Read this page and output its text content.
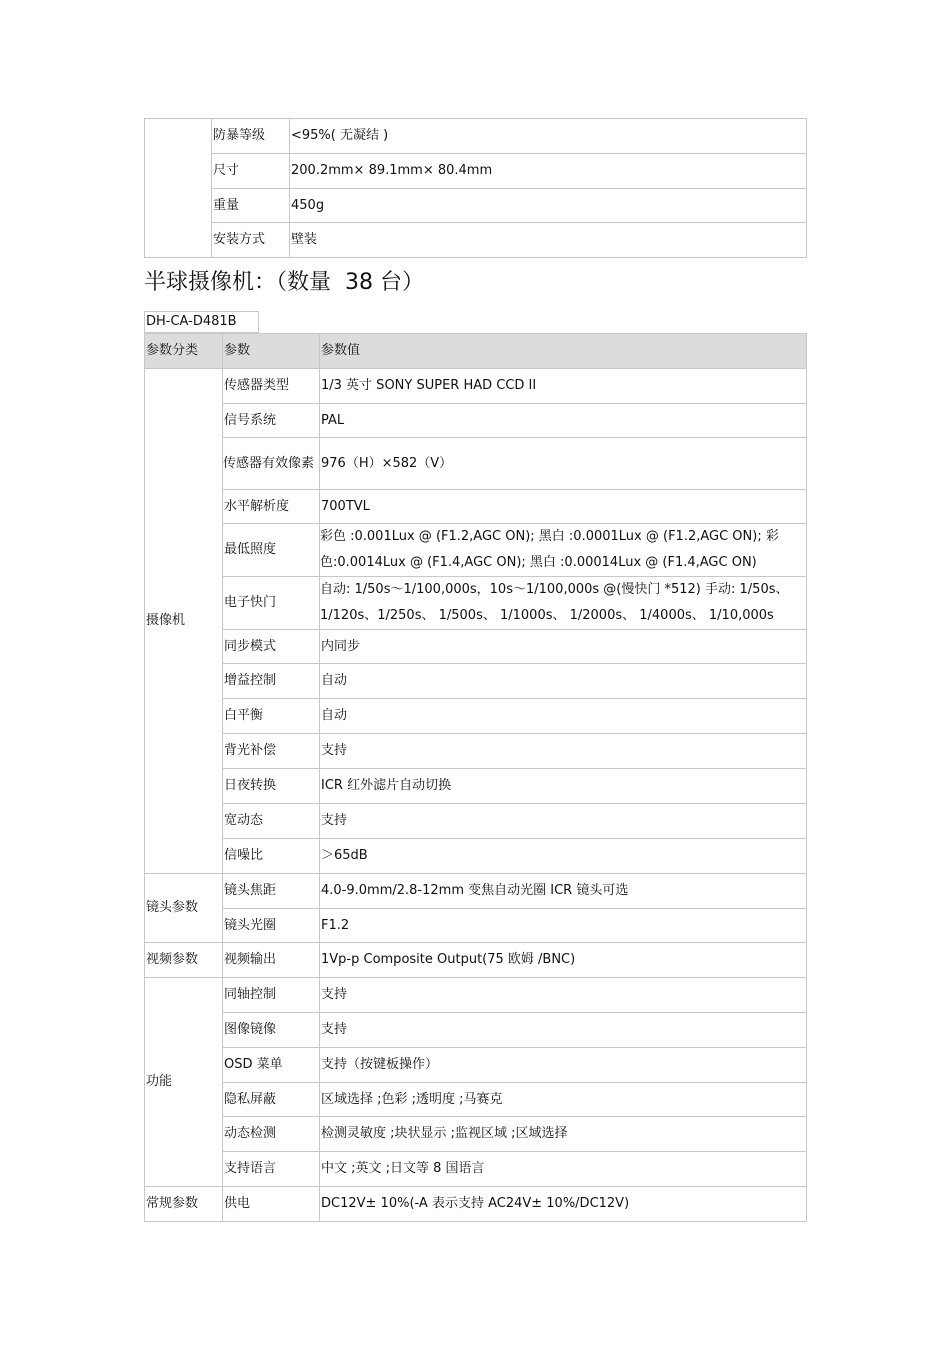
	防暴等级	<95%( 无凝结 )

	尺寸	200.2mm× 89.1mm× 80.4mm

	重量	450g

	安装方式	壁装
半球摄像机：（数量  38 台）
DH-CA-D481B
参数分类	参数	参数值

摄像机	传感器类型	1/3 英寸 SONY SUPER HAD CCD II

	信号系统	PAL

	传感器有效像素	976（H）×582（V）

	水平解析度	700TVL

	最低照度	彩色 :0.001Lux @ (F1.2,AGC ON); 黑白 :0.0001Lux @ (F1.2,AGC ON); 彩色:0.0014Lux @ (F1.4,AGC ON); 黑白 :0.00014Lux @ (F1.4,AGC ON)

	电子快门	自动: 1/50s～1/100,000s，10s～1/100,000s @(慢快门 *512) 手动: 1/50s、1/120s、1/250s、 1/500s、 1/1000s、 1/2000s、 1/4000s、 1/10,000s

	同步模式	内同步

	增益控制	自动

	白平衡	自动

	背光补偿	支持

	日夜转换	ICR 红外滤片自动切换

	宽动态	支持

	信噪比	＞65dB

镜头参数	镜头焦距	4.0-9.0mm/2.8-12mm 变焦自动光圈 ICR 镜头可选

	镜头光圈	F1.2

视频参数	视频输出	1Vp-p Composite Output(75 欧姆 /BNC)

功能	同轴控制	支持

	图像镜像	支持

	OSD 菜单	支持（按键板操作）

	隐私屏蔽	区域选择 ;色彩 ;透明度 ;马赛克

	动态检测	检测灵敏度 ;块状显示 ;监视区域 ;区域选择

	支持语言	中文 ;英文 ;日文等 8 国语言

常规参数	供电	DC12V± 10%(-A 表示支持 AC24V± 10%/DC12V)
